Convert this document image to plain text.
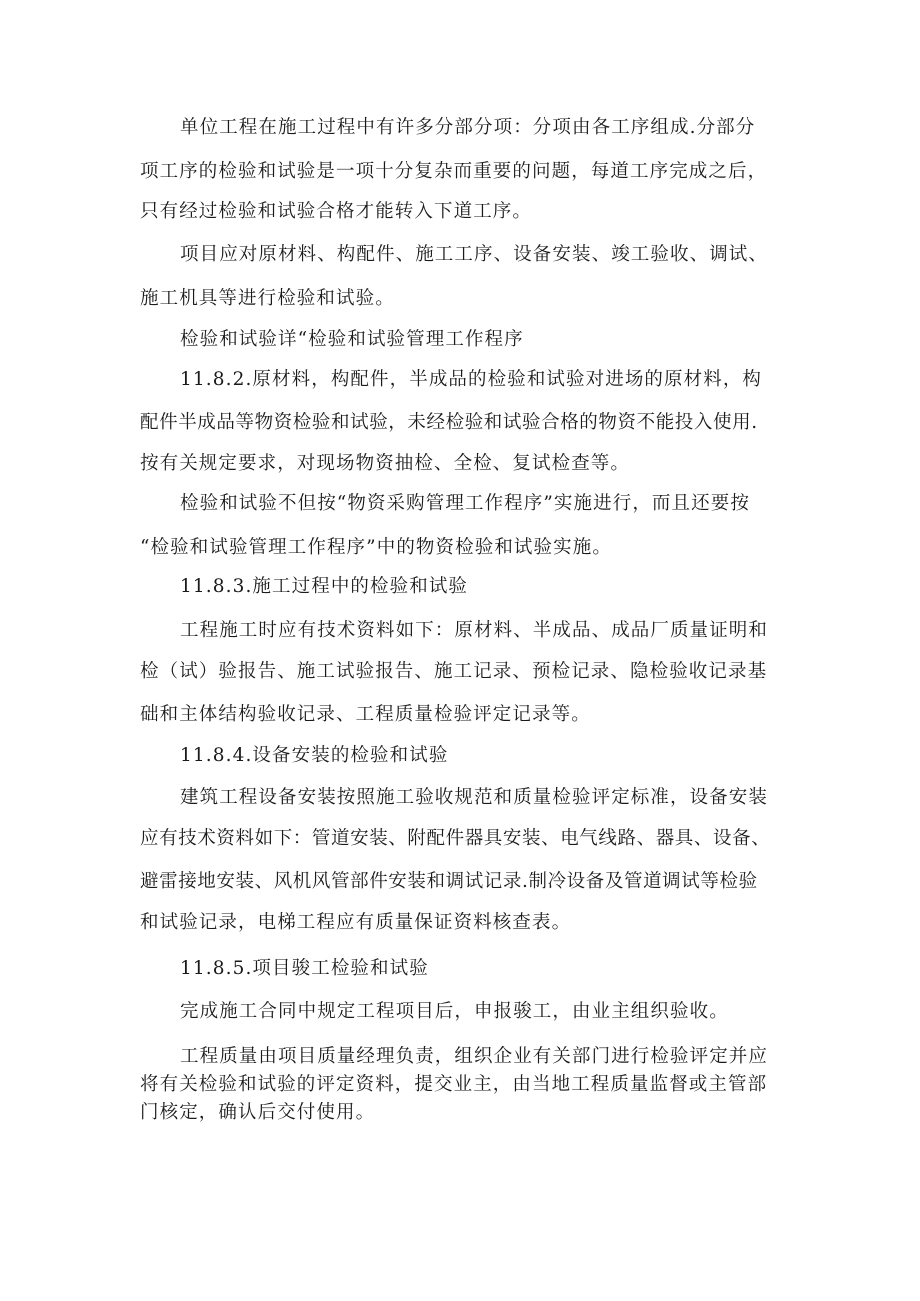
单位工程在施工过程中有许多分部分项：分项由各工序组成.分部分
项工序的检验和试验是一项十分复杂而重要的问题，每道工序完成之后，
只有经过检验和试验合格才能转入下道工序。
项目应对原材料、构配件、施工工序、设备安装、竣工验收、调试、
施工机具等进行检验和试验。
检验和试验详“检验和试验管理工作程序
11.8.2.原材料，构配件，半成品的检验和试验对进场的原材料，构
配件半成品等物资检验和试验，未经检验和试验合格的物资不能投入使用.
按有关规定要求，对现场物资抽检、全检、复试检查等。
检验和试验不但按“物资采购管理工作程序”实施进行，而且还要按
“检验和试验管理工作程序”中的物资检验和试验实施。
11.8.3.施工过程中的检验和试验
工程施工时应有技术资料如下：原材料、半成品、成品厂质量证明和
检（试）验报告、施工试验报告、施工记录、预检记录、隐检验收记录基
础和主体结构验收记录、工程质量检验评定记录等。
11.8.4.设备安装的检验和试验
建筑工程设备安装按照施工验收规范和质量检验评定标准，设备安装
应有技术资料如下：管道安装、附配件器具安装、电气线路、器具、设备、
避雷接地安装、风机风管部件安装和调试记录.制冷设备及管道调试等检验
和试验记录，电梯工程应有质量保证资料核查表。
11.8.5.项目骏工检验和试验
完成施工合同中规定工程项目后，申报骏工，由业主组织验收。
工程质量由项目质量经理负责，组织企业有关部门进行检验评定并应
将有关检验和试验的评定资料，提交业主，由当地工程质量监督或主管部
门核定，确认后交付使用。
